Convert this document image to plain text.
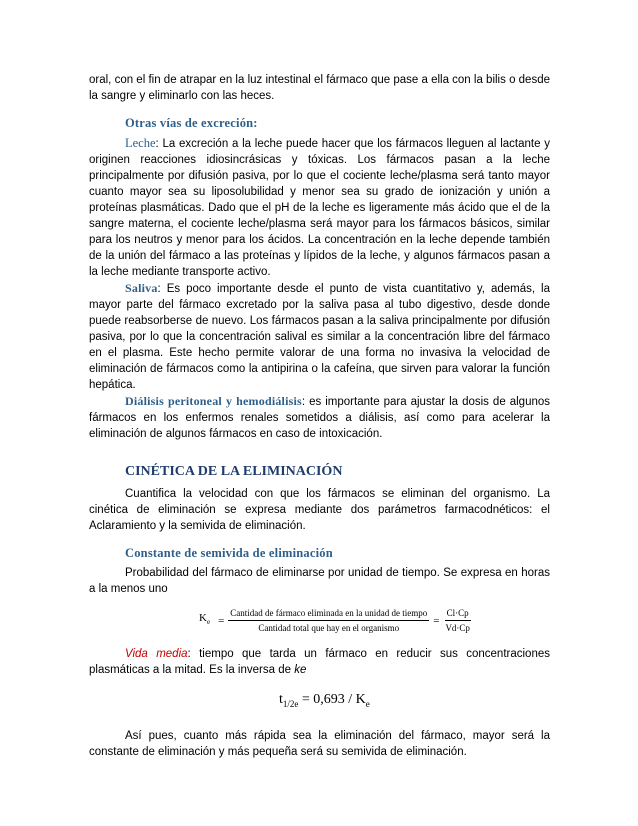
oral, con el fin de atrapar en la luz intestinal el fármaco que pase a ella con la bilis o desde la sangre y eliminarlo con las heces.

Otras vías de excreción:

Leche: La excreción a la leche puede hacer que los fármacos lleguen al lactante y originen reacciones idiosincrásicas y tóxicas. Los fármacos pasan a la leche principalmente por difusión pasiva, por lo que el cociente leche/plasma será tanto mayor cuanto mayor sea su liposolubilidad y menor sea su grado de ionización y unión a proteínas plasmáticas. Dado que el pH de la leche es ligeramente más ácido que el de la sangre materna, el cociente leche/plasma será mayor para los fármacos básicos, similar para los neutros y menor para los ácidos. La concentración en la leche depende también de la unión del fármaco a las proteínas y lípidos de la leche, y algunos fármacos pasan a la leche mediante transporte activo.

Saliva: Es poco importante desde el punto de vista cuantitativo y, además, la mayor parte del fármaco excretado por la saliva pasa al tubo digestivo, desde donde puede reabsorberse de nuevo. Los fármacos pasan a la saliva principalmente por difusión pasiva, por lo que la concentración salival es similar a la concentración libre del fármaco en el plasma. Este hecho permite valorar de una forma no invasiva la velocidad de eliminación de fármacos como la antipirina o la cafeína, que sirven para valorar la función hepática.

Diálisis peritoneal y hemodiálisis: es importante para ajustar la dosis de algunos fármacos en los enfermos renales sometidos a diálisis, así como para acelerar la eliminación de algunos fármacos en caso de intoxicación.

CINÉTICA DE LA ELIMINACIÓN

Cuantifica la velocidad con que los fármacos se eliminan del organismo. La cinética de eliminación se expresa mediante dos parámetros farmacodnéticos: el Aclaramiento y la semivida de eliminación.

Constante de semivida de eliminación

Probabilidad del fármaco de eliminarse por unidad de tiempo. Se expresa en horas a la menos uno

$K_e = \frac{\text{Cantidad de fármaco eliminada en la unidad de tiempo}}{\text{Cantidad total que hay en el organismo}} = \frac{Cl\cdot Cp}{Vd\cdot Cp}$

Vida media: tiempo que tarda un fármaco en reducir sus concentraciones plasmáticas a la mitad. Es la inversa de ke

$t_{1/2e} = 0,693 / K_e$

Así pues, cuanto más rápida sea la eliminación del fármaco, mayor será la constante de eliminación y más pequeña será su semivida de eliminación.
